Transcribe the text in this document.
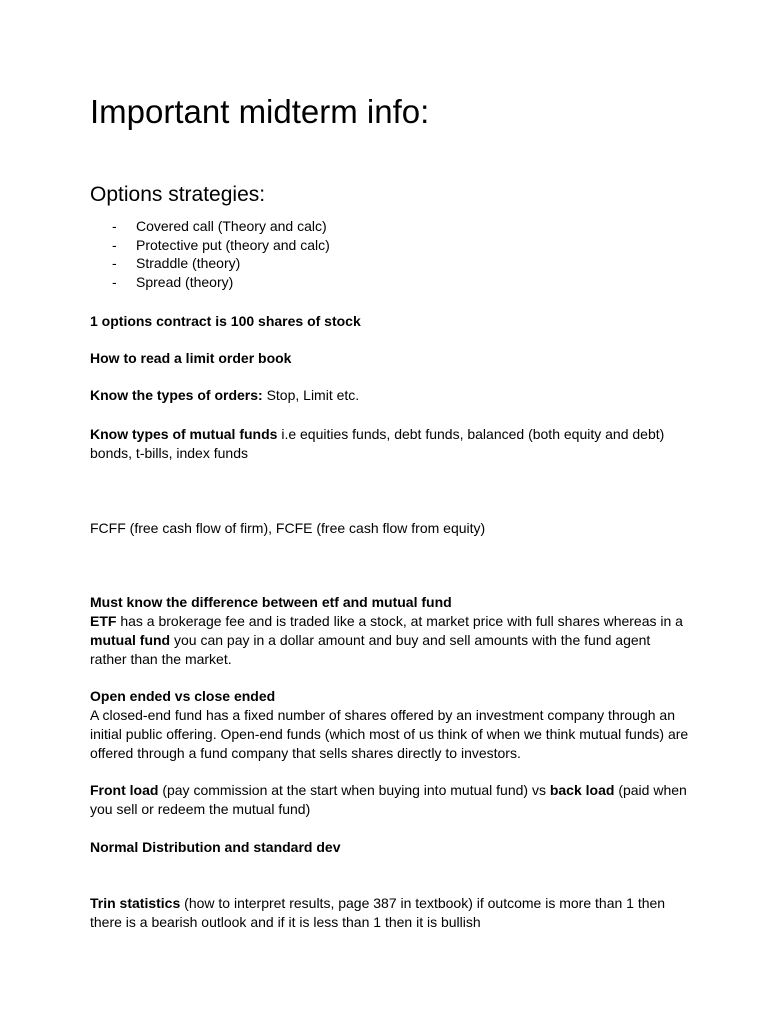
Important midterm info:
Options strategies:
- Covered call (Theory and calc)
- Protective put (theory and calc)
- Straddle (theory)
- Spread (theory)

1 options contract is 100 shares of stock

How to read a limit order book

Know the types of orders: Stop, Limit etc.

Know types of mutual funds i.e equities funds, debt funds, balanced (both equity and debt) bonds, t-bills, index funds

FCFF (free cash flow of firm), FCFE (free cash flow from equity)

Must know the difference between etf and mutual fund

ETF has a brokerage fee and is traded like a stock, at market price with full shares whereas in a mutual fund you can pay in a dollar amount and buy and sell amounts with the fund agent rather than the market.

Open ended vs close ended

A closed-end fund has a fixed number of shares offered by an investment company through an initial public offering. Open-end funds (which most of us think of when we think mutual funds) are offered through a fund company that sells shares directly to investors.

Front load (pay commission at the start when buying into mutual fund) vs back load (paid when you sell or redeem the mutual fund)

Normal Distribution and standard dev

Trin statistics (how to interpret results, page 387 in textbook) if outcome is more than 1 then there is a bearish outlook and if it is less than 1 then it is bullish
